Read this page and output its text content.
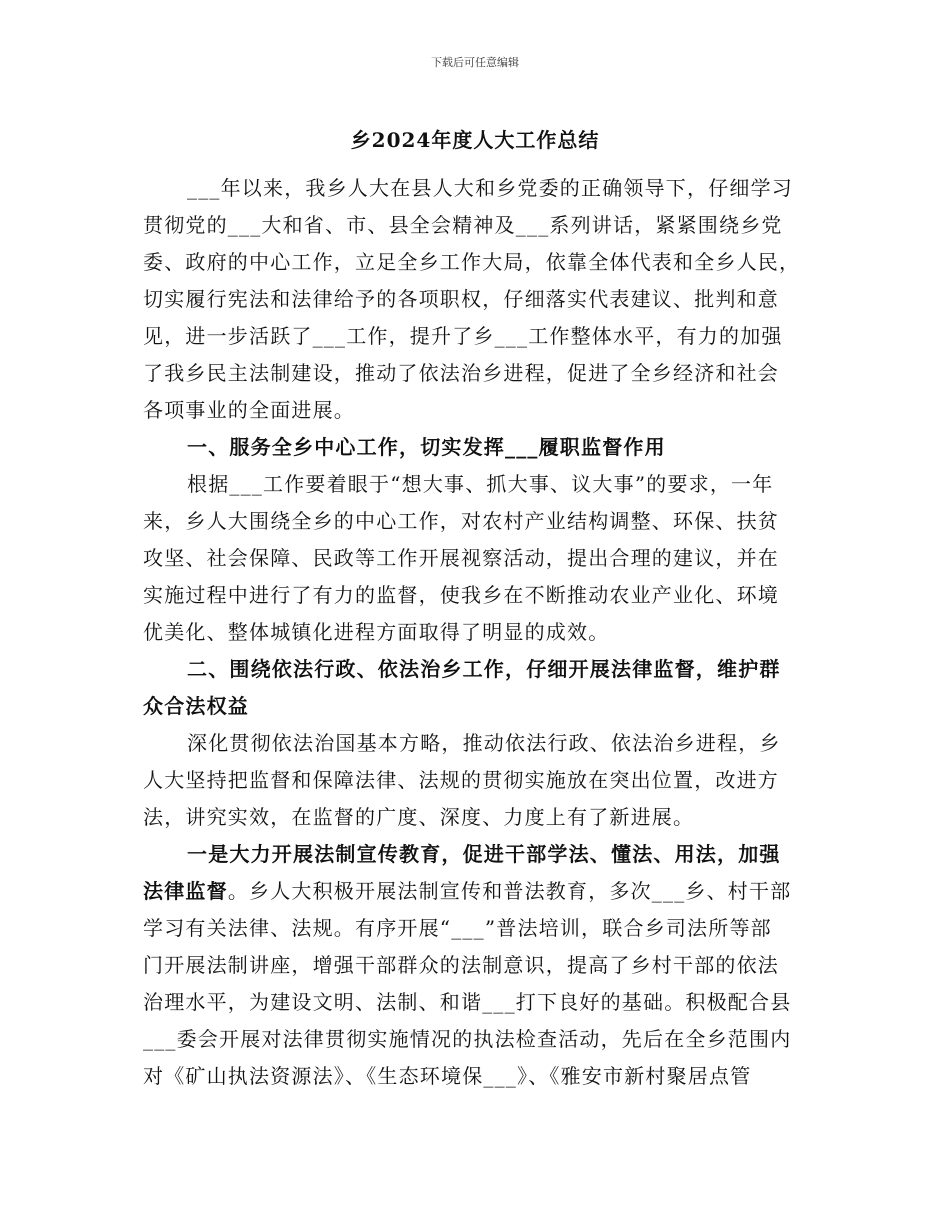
下载后可任意编辑
乡2024年度人大工作总结
___年以来，我乡人大在县人大和乡党委的正确领导下，仔细学习
贯彻党的___大和省、市、县全会精神及___系列讲话，紧紧围绕乡党
委、政府的中心工作，立足全乡工作大局，依靠全体代表和全乡人民，
切实履行宪法和法律给予的各项职权，仔细落实代表建议、批判和意
见，进一步活跃了___工作，提升了乡___工作整体水平，有力的加强
了我乡民主法制建设，推动了依法治乡进程，促进了全乡经济和社会
各项事业的全面进展。
一、服务全乡中心工作，切实发挥___履职监督作用
根据___工作要着眼于“想大事、抓大事、议大事”的要求，一年
来，乡人大围绕全乡的中心工作，对农村产业结构调整、环保、扶贫
攻坚、社会保障、民政等工作开展视察活动，提出合理的建议，并在
实施过程中进行了有力的监督，使我乡在不断推动农业产业化、环境
优美化、整体城镇化进程方面取得了明显的成效。
二、围绕依法行政、依法治乡工作，仔细开展法律监督，维护群
众合法权益
深化贯彻依法治国基本方略，推动依法行政、依法治乡进程，乡
人大坚持把监督和保障法律、法规的贯彻实施放在突出位置，改进方
法，讲究实效，在监督的广度、深度、力度上有了新进展。
一是大力开展法制宣传教育，促进干部学法、懂法、用法，加强
法律监督。乡人大积极开展法制宣传和普法教育，多次___乡、村干部
学习有关法律、法规。有序开展“___”普法培训，联合乡司法所等部
门开展法制讲座，增强干部群众的法制意识，提高了乡村干部的依法
治理水平，为建设文明、法制、和谐___打下良好的基础。积极配合县
___委会开展对法律贯彻实施情况的执法检查活动，先后在全乡范围内
对《矿山执法资源法》、《生态环境保___》、《雅安市新村聚居点管
